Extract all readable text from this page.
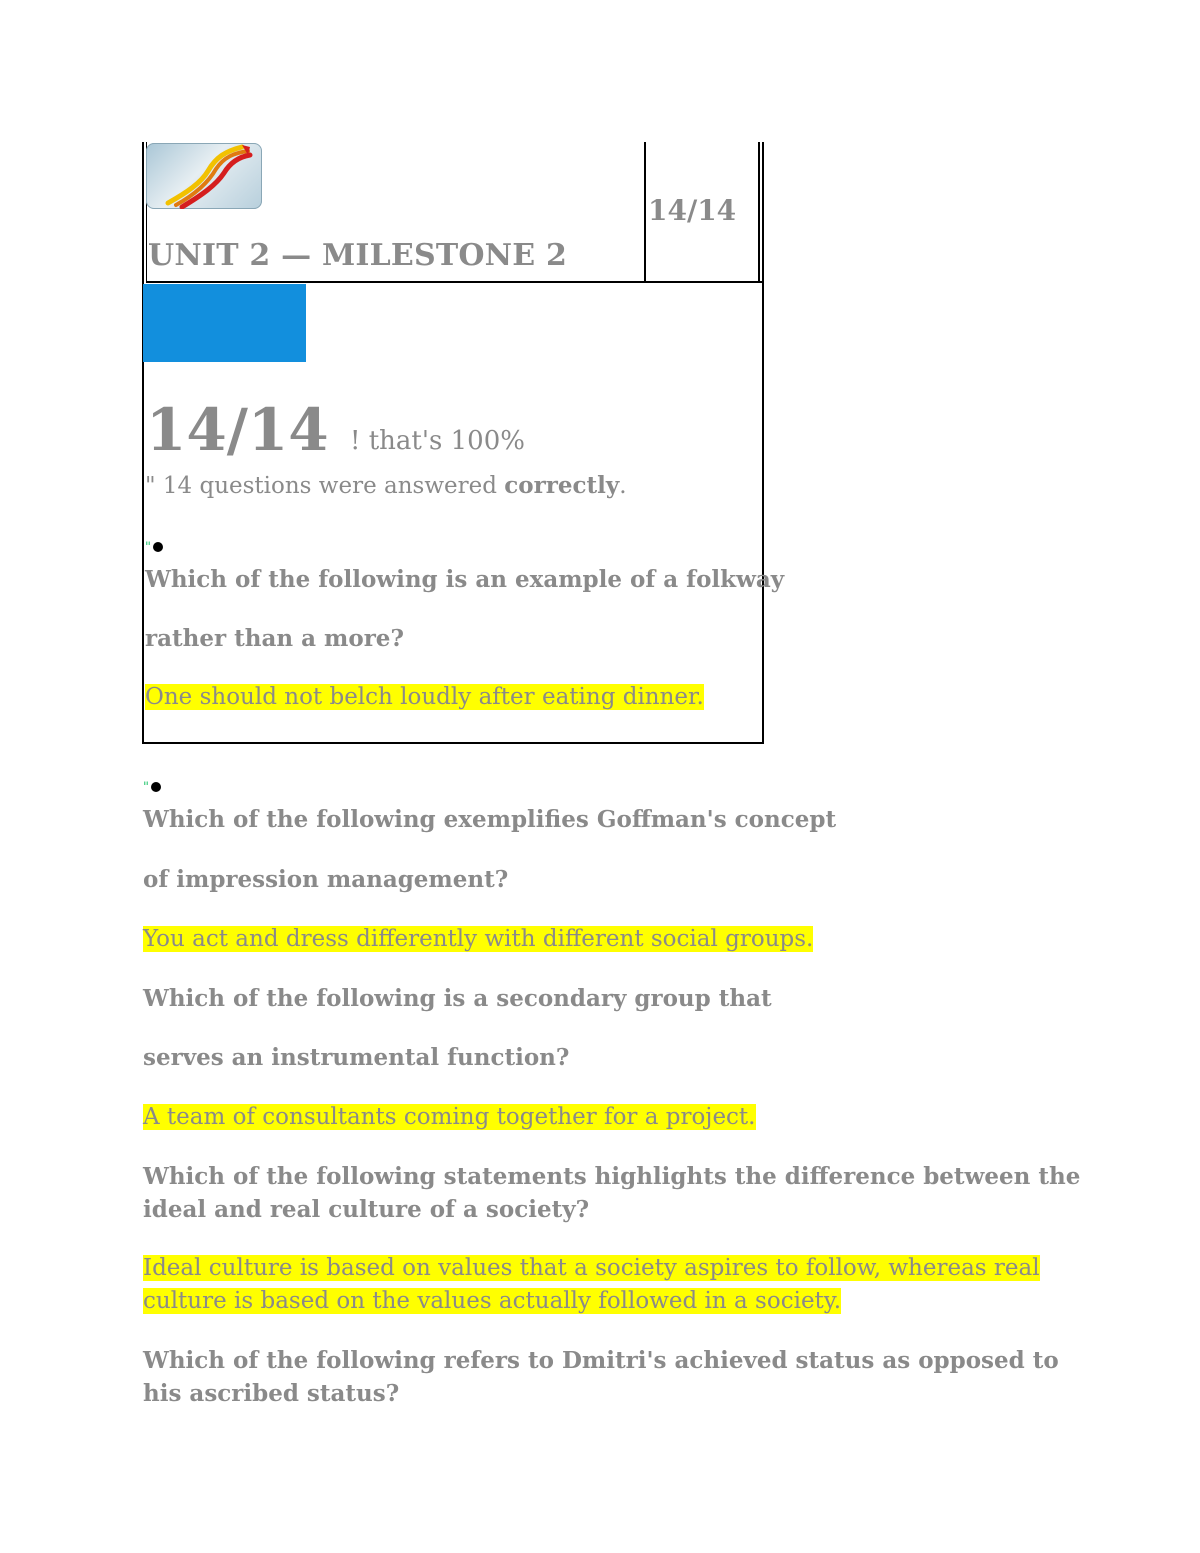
UNIT 2 — MILESTONE 2
14/14
14/14 ! that's 100%
" 14 questions were answered correctly.
"
Which of the following is an example of a folkway
rather than a more?
One should not belch loudly after eating dinner.
"
Which of the following exemplifies Goffman's concept
of impression management?
You act and dress differently with different social groups.
Which of the following is a secondary group that
serves an instrumental function?
A team of consultants coming together for a project.
Which of the following statements highlights the difference between the
ideal and real culture of a society?
Ideal culture is based on values that a society aspires to follow, whereas real
culture is based on the values actually followed in a society.
Which of the following refers to Dmitri's achieved status as opposed to
his ascribed status?
